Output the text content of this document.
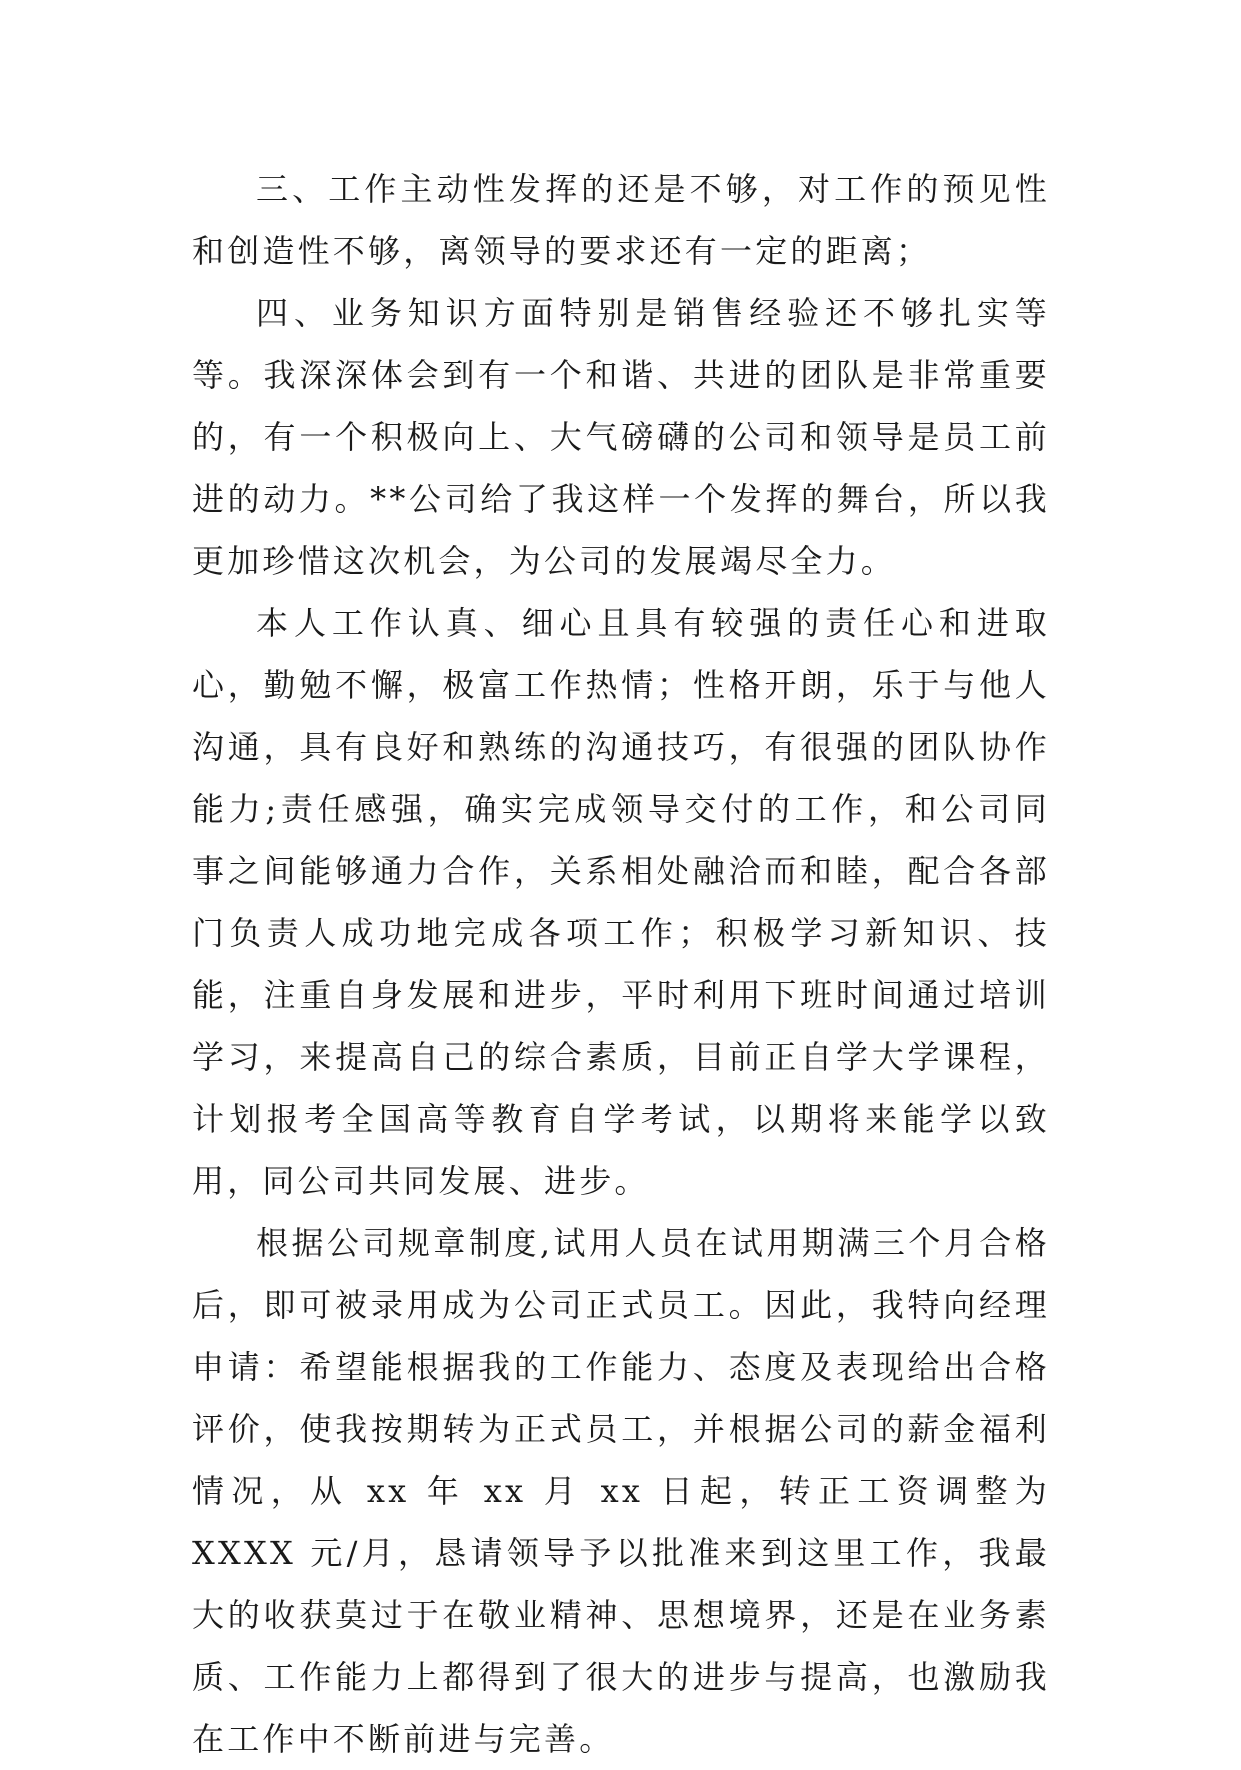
三、工作主动性发挥的还是不够，对工作的预见性和创造性不够，离领导的要求还有一定的距离；

四、业务知识方面特别是销售经验还不够扎实等等。我深深体会到有一个和谐、共进的团队是非常重要的，有一个积极向上、大气磅礴的公司和领导是员工前进的动力。**公司给了我这样一个发挥的舞台，所以我更加珍惜这次机会，为公司的发展竭尽全力。

本人工作认真、细心且具有较强的责任心和进取心，勤勉不懈，极富工作热情；性格开朗，乐于与他人沟通，具有良好和熟练的沟通技巧，有很强的团队协作能力;责任感强，确实完成领导交付的工作，和公司同事之间能够通力合作，关系相处融洽而和睦，配合各部门负责人成功地完成各项工作；积极学习新知识、技能，注重自身发展和进步，平时利用下班时间通过培训学习，来提高自己的综合素质，目前正自学大学课程，计划报考全国高等教育自学考试，以期将来能学以致用，同公司共同发展、进步。

根据公司规章制度,试用人员在试用期满三个月合格后，即可被录用成为公司正式员工。因此，我特向经理申请：希望能根据我的工作能力、态度及表现给出合格评价，使我按期转为正式员工，并根据公司的薪金福利情况，从 xx 年 xx 月 xx 日起，转正工资调整为 XXXX 元/月，恳请领导予以批准来到这里工作，我最大的收获莫过于在敬业精神、思想境界，还是在业务素质、工作能力上都得到了很大的进步与提高，也激励我在工作中不断前进与完善。
